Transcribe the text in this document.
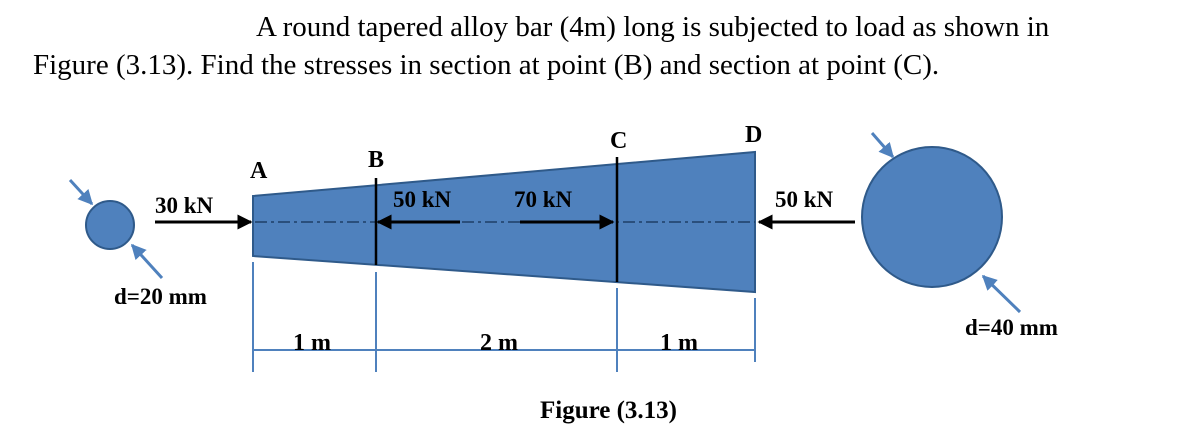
A round tapered alloy bar (4m) long is subjected to load as shown in
Figure (3.13). Find the stresses in section at point (B) and section at point (C).
A	B
C	D
30 kN	50 kN	70 kN	50 kN
d=20 mm
d=40 mm
1 m	2 m	1 m
Figure (3.13)
